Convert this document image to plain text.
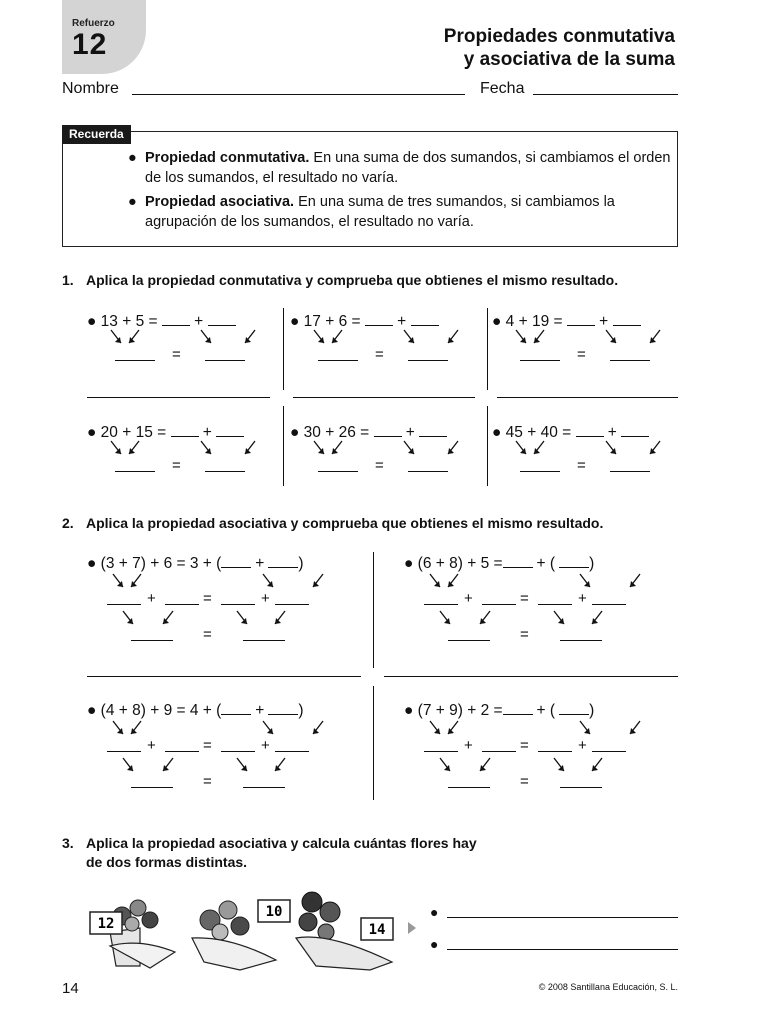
Refuerzo
12	Propiedades conmutativa
y asociativa de la suma
Nombre	Fecha
Recuerda
● Propiedad conmutativa. En una suma de dos sumandos, si cambiamos el orden de los sumandos, el resultado no varía.
● Propiedad asociativa. En una suma de tres sumandos, si cambiamos la agrupación de los sumandos, el resultado no varía.
1. Aplica la propiedad conmutativa y comprueba que obtienes el mismo resultado.
2. Aplica la propiedad asociativa y comprueba que obtienes el mismo resultado.
3. Aplica la propiedad asociativa y calcula cuántas flores hay
de dos formas distintas.
12
10
14
●
●
14	© 2008 Santillana Educación, S. L.
● 13 + 5 =  +
=
● 17 + 6 =  +
=
● 4 + 19 =  +
=
● 20 + 15 =  +
=
● 30 + 26 =  +
=
● 45 + 40 =  +
=
● (3 + 7) + 6 = 3 + ( + )
+	=	+
=
● (6 + 8) + 5 = + ( )
+	=	+
=
● (4 + 8) + 9 = 4 + ( + )
+	=	+
=
● (7 + 9) + 2 = + ( )
+	=	+
=
